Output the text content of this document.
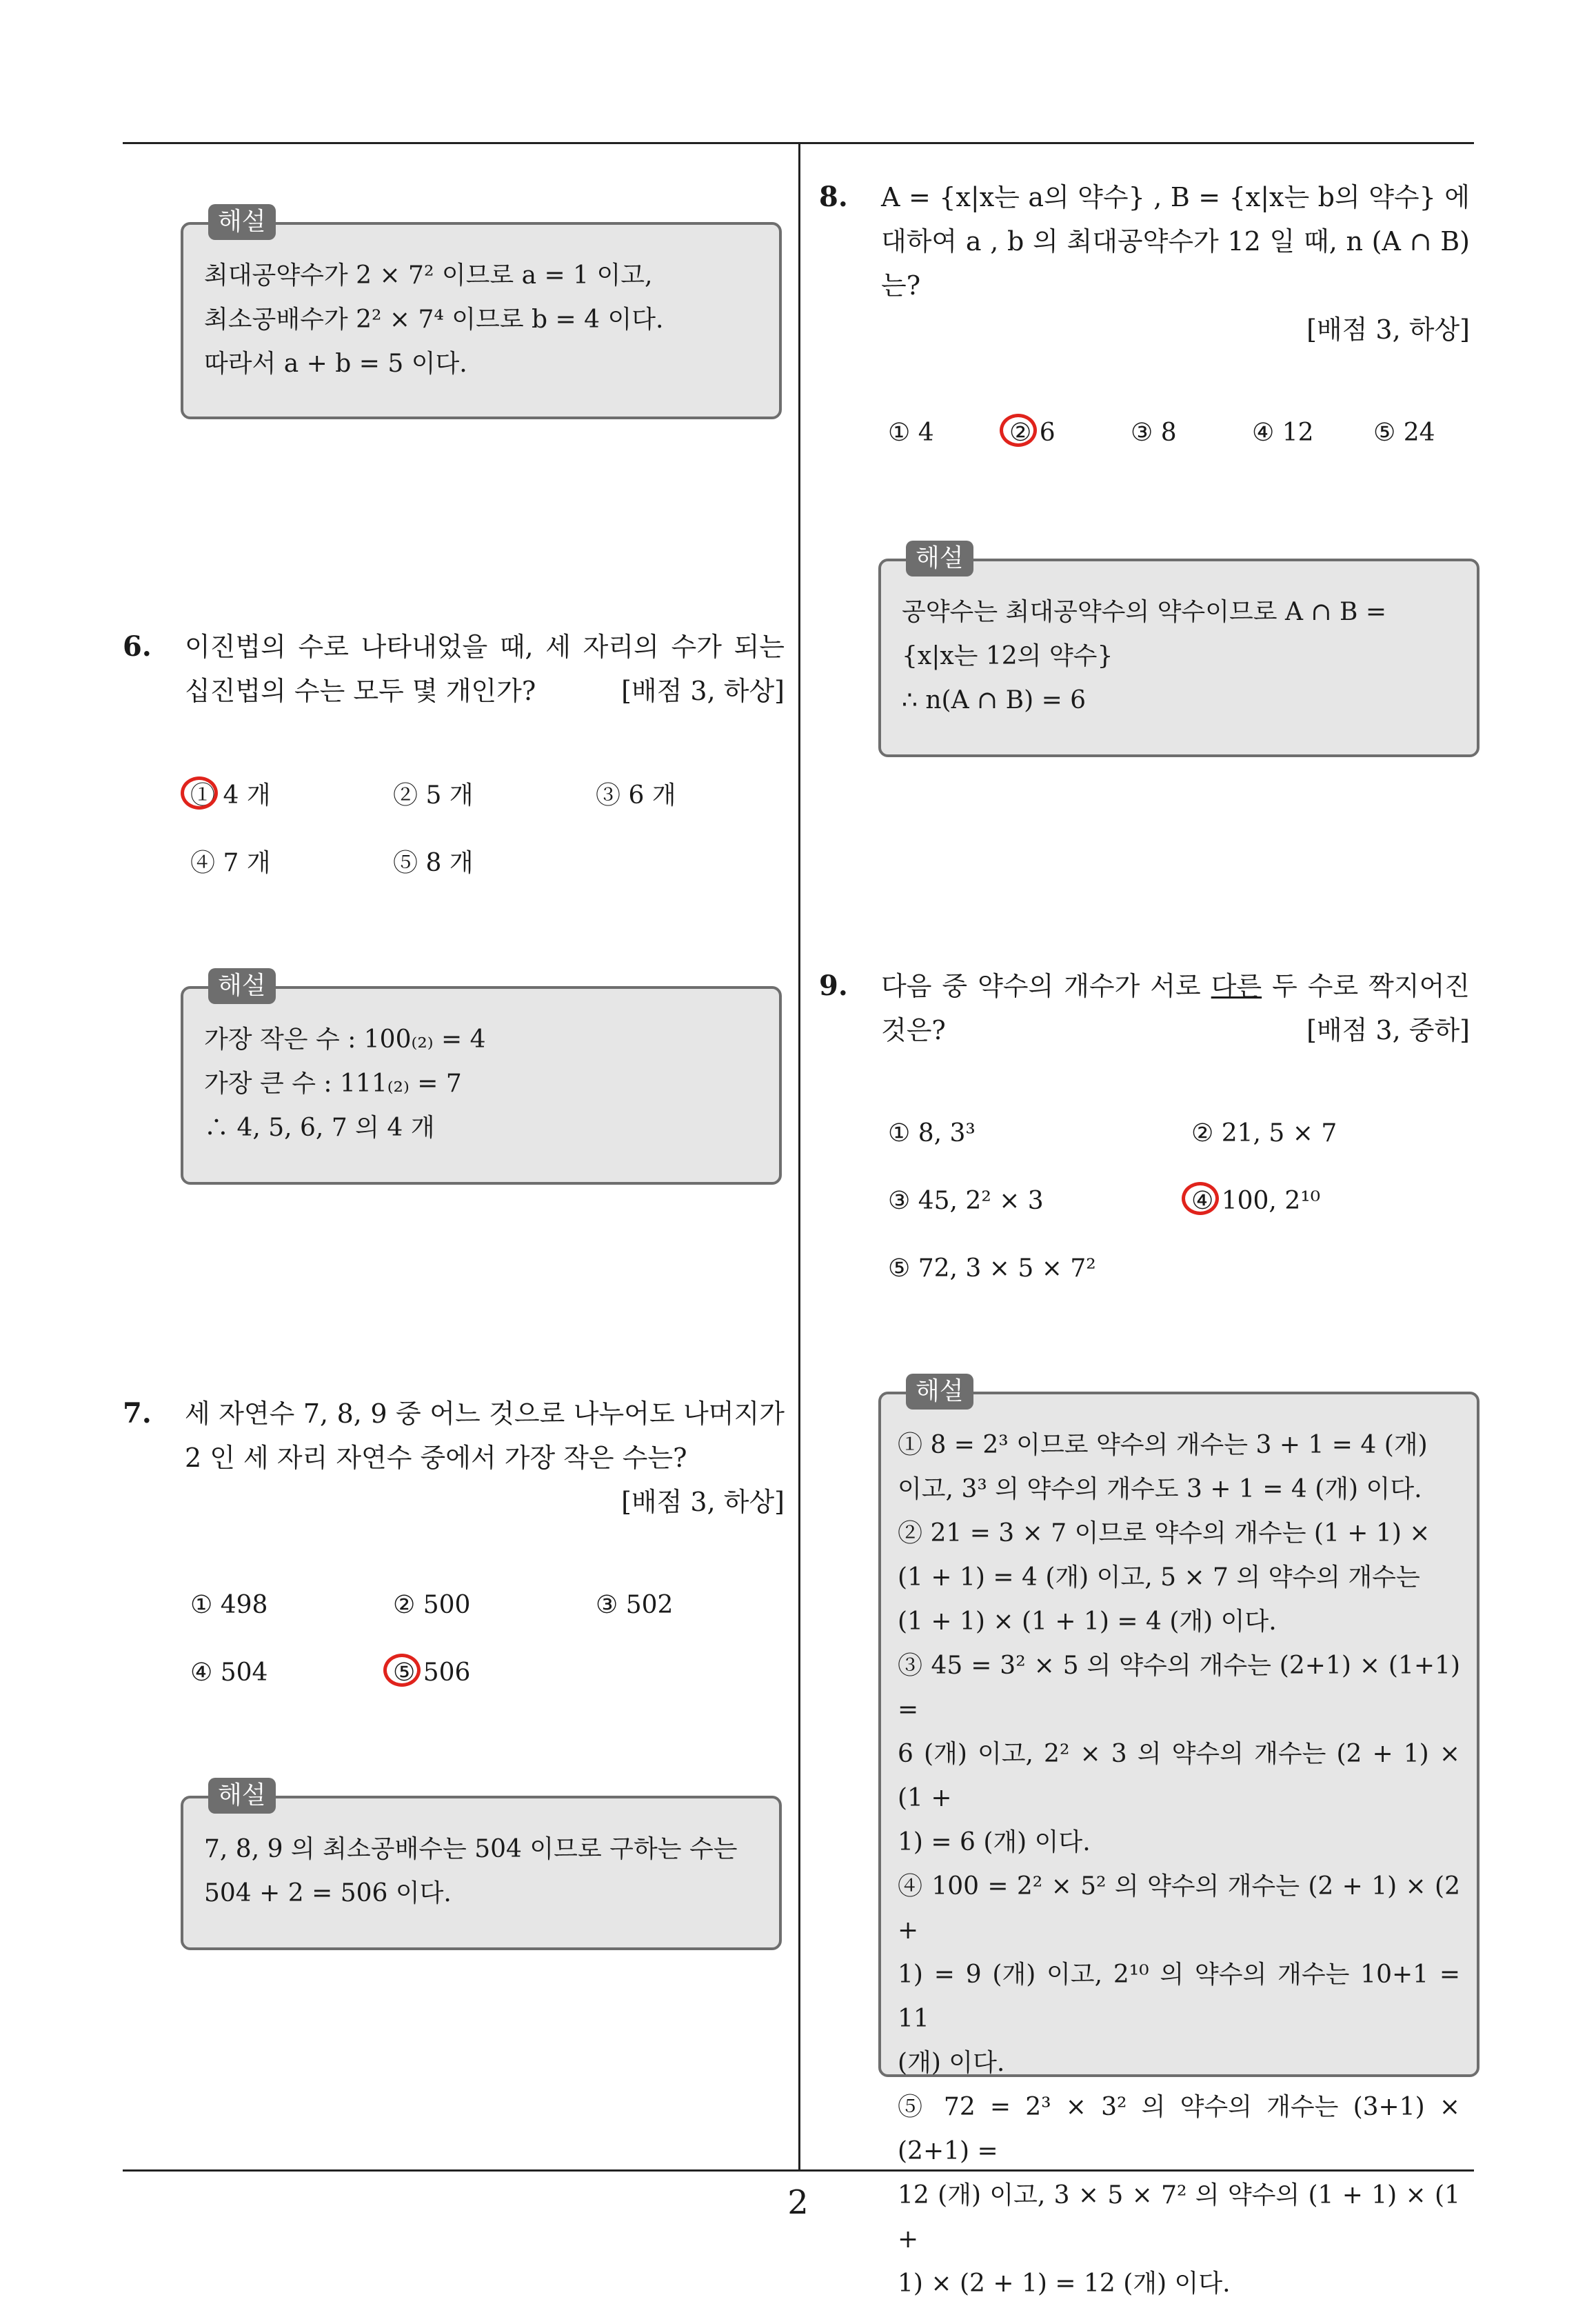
해설
최대공약수가 2 × 7² 이므로 a = 1 이고,
최소공배수가 2² × 7⁴ 이므로 b = 4 이다.
따라서 a + b = 5 이다.
6. 이진법의 수로 나타내었을 때, 세 자리의 수가 되는 십진법의 수는 모두 몇 개인가?	[배점 3, 하상]
① 4 개	② 5 개	③ 6 개
④ 7 개	⑤ 8 개
해설
가장 작은 수 : 100₍₂₎ = 4
가장 큰 수 : 111₍₂₎ = 7
∴ 4, 5, 6, 7 의 4 개
7. 세 자연수 7, 8, 9 중 어느 것으로 나누어도 나머지가 2 인 세 자리 자연수 중에서 가장 작은 수는?
[배점 3, 하상]
① 498	② 500	③ 502
④ 504	⑤ 506
해설
7, 8, 9 의 최소공배수는 504 이므로 구하는 수는
504 + 2 = 506 이다.
8. A = {x|x는 a의 약수} , B = {x|x는 b의 약수} 에 대하여 a , b 의 최대공약수가 12 일 때, n (A ∩ B) 는?
[배점 3, 하상]
① 4	② 6	③ 8	④ 12 ⑤ 24
해설
공약수는 최대공약수의 약수이므로 A ∩ B =
{x|x는 12의 약수}
∴ n(A ∩ B) = 6
9. 다음 중 약수의 개수가 서로 다른 두 수로 짝지어진 것은?	[배점 3, 중하]
① 8, 3³	② 21, 5 × 7
③ 45, 2² × 3	④ 100, 2¹⁰
⑤ 72, 3 × 5 × 7²
해설
① 8 = 2³ 이므로 약수의 개수는 3 + 1 = 4 (개)
이고, 3³ 의 약수의 개수도 3 + 1 = 4 (개) 이다.
② 21 = 3 × 7 이므로 약수의 개수는 (1 + 1) ×
(1 + 1) = 4 (개) 이고, 5 × 7 의 약수의 개수는
(1 + 1) × (1 + 1) = 4 (개) 이다.
③ 45 = 3² × 5 의 약수의 개수는 (2+1) × (1+1) =
6 (개) 이고, 2² × 3 의 약수의 개수는 (2 + 1) × (1 +
1) = 6 (개) 이다.
④ 100 = 2² × 5² 의 약수의 개수는 (2 + 1) × (2 +
1) = 9 (개) 이고, 2¹⁰ 의 약수의 개수는 10+1 = 11
(개) 이다.
⑤ 72 = 2³ × 3² 의 약수의 개수는 (3+1) × (2+1) =
12 (개) 이고, 3 × 5 × 7² 의 약수의 (1 + 1) × (1 +
1) × (2 + 1) = 12 (개) 이다.
2
